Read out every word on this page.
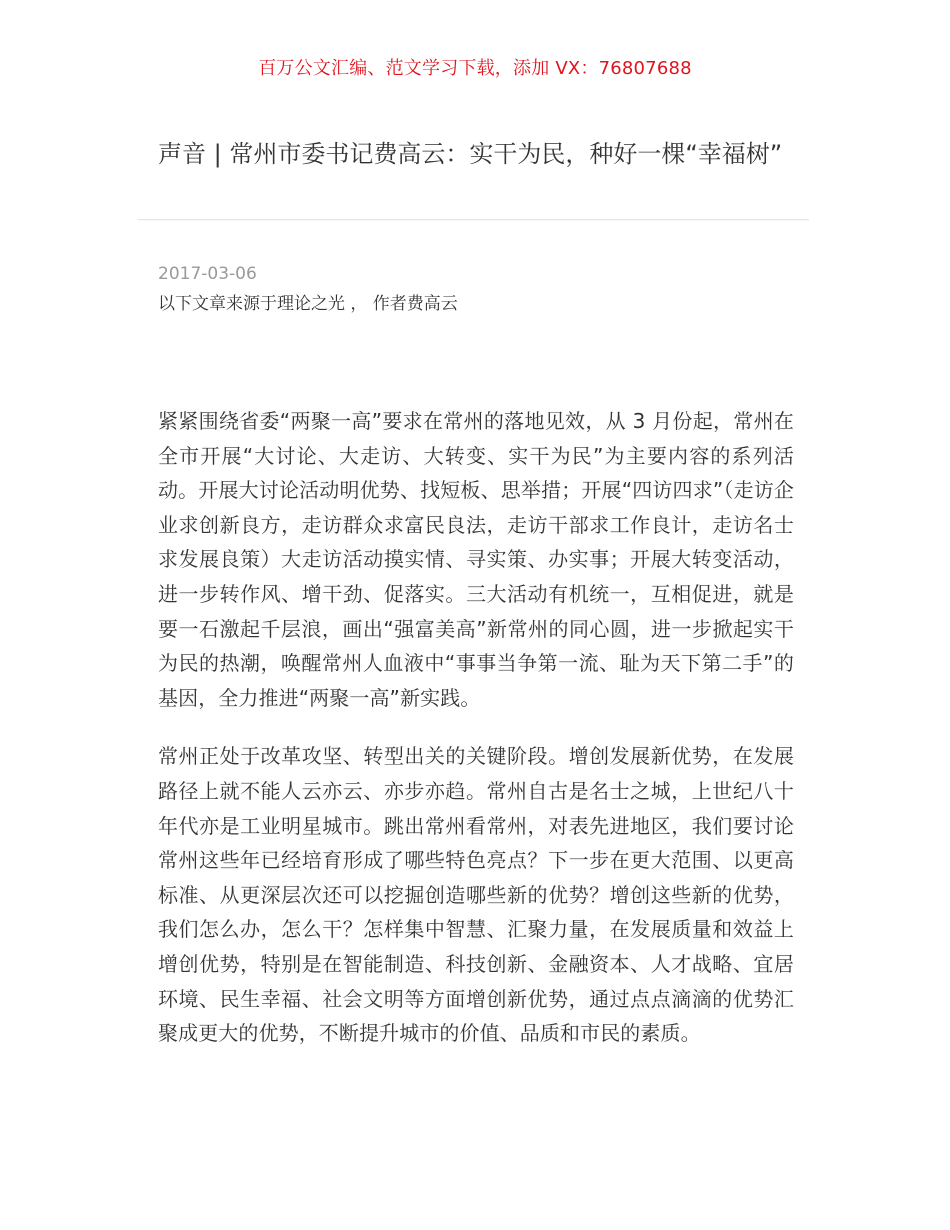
百万公文汇编、范文学习下载，添加 VX：76807688
声音 | 常州市委书记费高云：实干为民，种好一棵“幸福树”
2017-03-06
以下文章来源于理论之光 ， 作者费高云

紧紧围绕省委“两聚一高”要求在常州的落地见效，从 3 月份起，常州在全市开展“大讨论、大走访、大转变、实干为民”为主要内容的系列活动。开展大讨论活动明优势、找短板、思举措；开展“四访四求”（走访企业求创新良方，走访群众求富民良法，走访干部求工作良计，走访名士求发展良策）大走访活动摸实情、寻实策、办实事；开展大转变活动，进一步转作风、增干劲、促落实。三大活动有机统一，互相促进，就是要一石激起千层浪，画出“强富美高”新常州的同心圆，进一步掀起实干为民的热潮，唤醒常州人血液中“事事当争第一流、耻为天下第二手”的基因，全力推进“两聚一高”新实践。

常州正处于改革攻坚、转型出关的关键阶段。增创发展新优势，在发展路径上就不能人云亦云、亦步亦趋。常州自古是名士之城，上世纪八十年代亦是工业明星城市。跳出常州看常州，对表先进地区，我们要讨论常州这些年已经培育形成了哪些特色亮点？下一步在更大范围、以更高标准、从更深层次还可以挖掘创造哪些新的优势？增创这些新的优势，我们怎么办，怎么干？怎样集中智慧、汇聚力量，在发展质量和效益上增创优势，特别是在智能制造、科技创新、金融资本、人才战略、宜居环境、民生幸福、社会文明等方面增创新优势，通过点点滴滴的优势汇聚成更大的优势，不断提升城市的价值、品质和市民的素质。
